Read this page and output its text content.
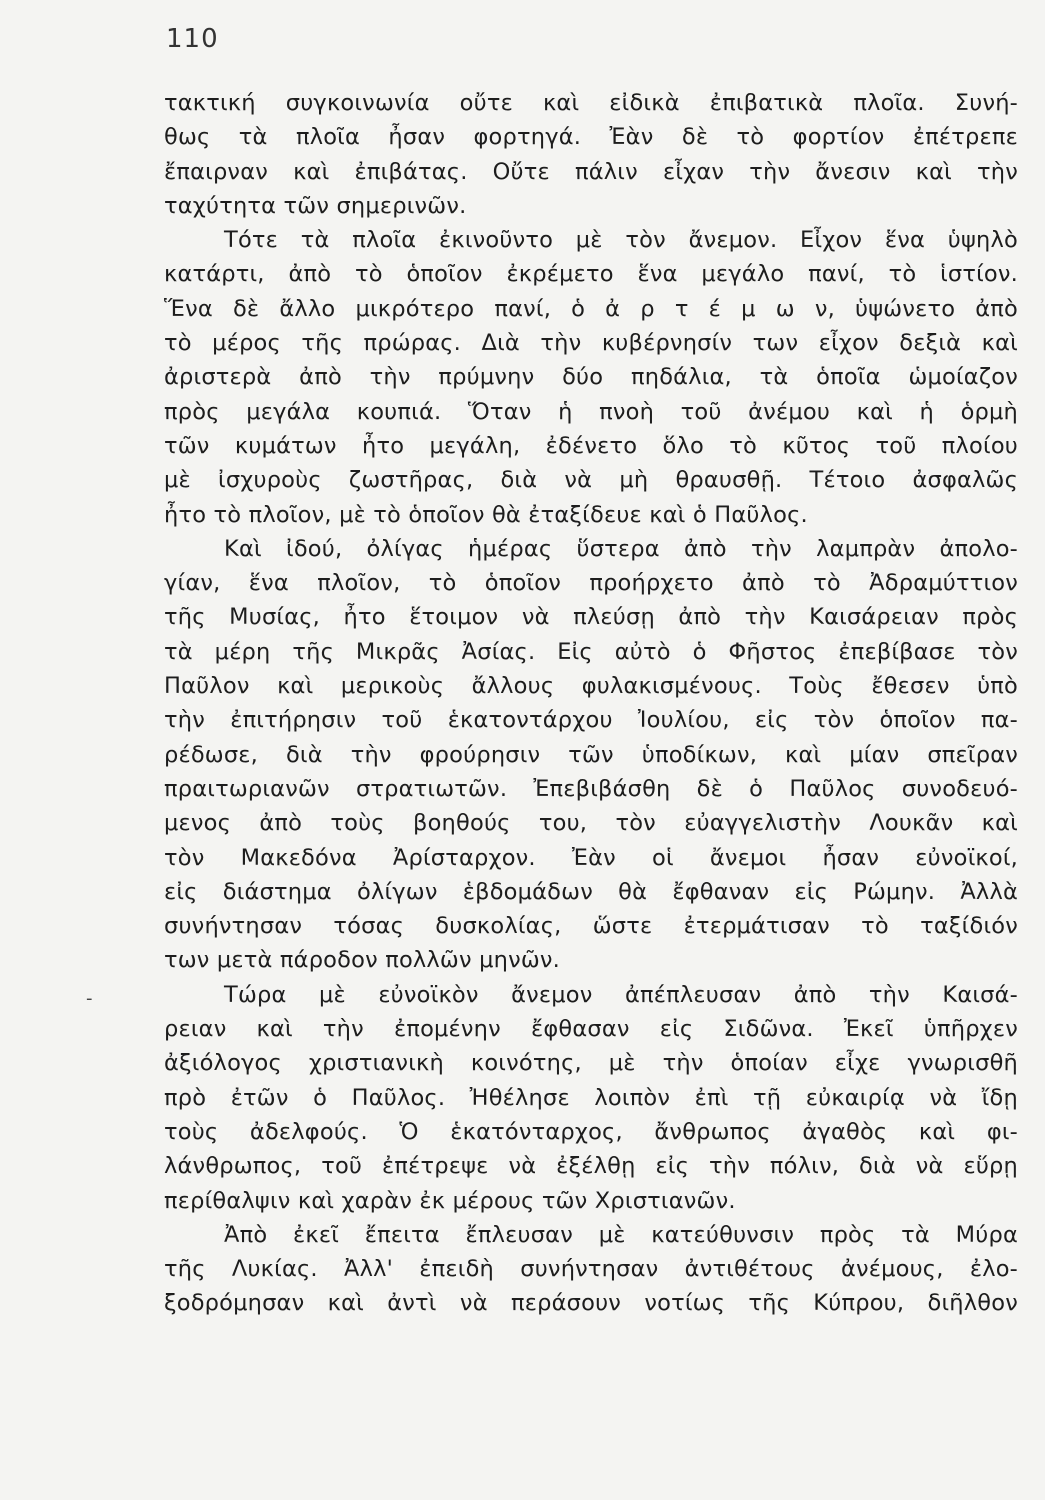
110
-
τακτική συγκοινωνία οὔτε καὶ εἰδικὰ ἐπιβατικὰ πλοῖα. Συνή-
θως τὰ πλοῖα ἦσαν φορτηγά. Ἐὰν δὲ τὸ φορτίον ἐπέτρεπε
ἔπαιρναν καὶ ἐπιβάτας. Οὔτε πάλιν εἶχαν τὴν ἄνεσιν καὶ τὴν
ταχύτητα τῶν σημερινῶν.
Τότε τὰ πλοῖα ἐκινοῦντο μὲ τὸν ἄνεμον. Εἶχον ἕνα ὑψηλὸ
κατάρτι, ἀπὸ τὸ ὁποῖον ἐκρέμετο ἕνα μεγάλο πανί, τὸ ἱστίον.
Ἕνα δὲ ἄλλο μικρότερο πανί, ὁ ἀ ρ τ έ μ ω ν, ὑψώνετο ἀπὸ
τὸ μέρος τῆς πρώρας. Διὰ τὴν κυβέρνησίν των εἶχον δεξιὰ καὶ
ἀριστερὰ ἀπὸ τὴν πρύμνην δύο πηδάλια, τὰ ὁποῖα ὡμοίαζον
πρὸς μεγάλα κουπιά. Ὅταν ἡ πνοὴ τοῦ ἀνέμου καὶ ἡ ὁρμὴ
τῶν κυμάτων ἦτο μεγάλη, ἐδένετο ὅλο τὸ κῦτος τοῦ πλοίου
μὲ ἰσχυροὺς ζωστῆρας, διὰ νὰ μὴ θραυσθῇ. Τέτοιο ἀσφαλῶς
ἦτο τὸ πλοῖον, μὲ τὸ ὁποῖον θὰ ἐταξίδευε καὶ ὁ Παῦλος.
Καὶ ἰδού, ὀλίγας ἡμέρας ὕστερα ἀπὸ τὴν λαμπρὰν ἀπολο-
γίαν, ἕνα πλοῖον, τὸ ὁποῖον προήρχετο ἀπὸ τὸ Ἀδραμύττιον
τῆς Μυσίας, ἦτο ἕτοιμον νὰ πλεύσῃ ἀπὸ τὴν Καισάρειαν πρὸς
τὰ μέρη τῆς Μικρᾶς Ἀσίας. Εἰς αὐτὸ ὁ Φῆστος ἐπεβίβασε τὸν
Παῦλον καὶ μερικοὺς ἄλλους φυλακισμένους. Τοὺς ἔθεσεν ὑπὸ
τὴν ἐπιτήρησιν τοῦ ἑκατοντάρχου Ἰουλίου, εἰς τὸν ὁποῖον πα-
ρέδωσε, διὰ τὴν φρούρησιν τῶν ὑποδίκων, καὶ μίαν σπεῖραν
πραιτωριανῶν στρατιωτῶν. Ἐπεβιβάσθη δὲ ὁ Παῦλος συνοδευό-
μενος ἀπὸ τοὺς βοηθούς του, τὸν εὐαγγελιστὴν Λουκᾶν καὶ
τὸν Μακεδόνα Ἀρίσταρχον. Ἐὰν οἱ ἄνεμοι ἦσαν εὐνοϊκοί,
εἰς διάστημα ὀλίγων ἑβδομάδων θὰ ἔφθαναν εἰς Ρώμην. Ἀλλὰ
συνήντησαν τόσας δυσκολίας, ὥστε ἐτερμάτισαν τὸ ταξίδιόν
των μετὰ πάροδον πολλῶν μηνῶν.
Τώρα μὲ εὐνοϊκὸν ἄνεμον ἀπέπλευσαν ἀπὸ τὴν Καισά-
ρειαν καὶ τὴν ἐπομένην ἔφθασαν εἰς Σιδῶνα. Ἐκεῖ ὑπῆρχεν
ἀξιόλογος χριστιανικὴ κοινότης, μὲ τὴν ὁποίαν εἶχε γνωρισθῆ
πρὸ ἐτῶν ὁ Παῦλος. Ἠθέλησε λοιπὸν ἐπὶ τῇ εὐκαιρίᾳ νὰ ἴδῃ
τοὺς ἀδελφούς. Ὁ ἑκατόνταρχος, ἄνθρωπος ἀγαθὸς καὶ φι-
λάνθρωπος, τοῦ ἐπέτρεψε νὰ ἐξέλθῃ εἰς τὴν πόλιν, διὰ νὰ εὕρῃ
περίθαλψιν καὶ χαρὰν ἐκ μέρους τῶν Χριστιανῶν.
Ἀπὸ ἐκεῖ ἔπειτα ἔπλευσαν μὲ κατεύθυνσιν πρὸς τὰ Μύρα
τῆς Λυκίας. Ἀλλ' ἐπειδὴ συνήντησαν ἀντιθέτους ἀνέμους, ἐλο-
ξοδρόμησαν καὶ ἀντὶ νὰ περάσουν νοτίως τῆς Κύπρου, διῆλθον
